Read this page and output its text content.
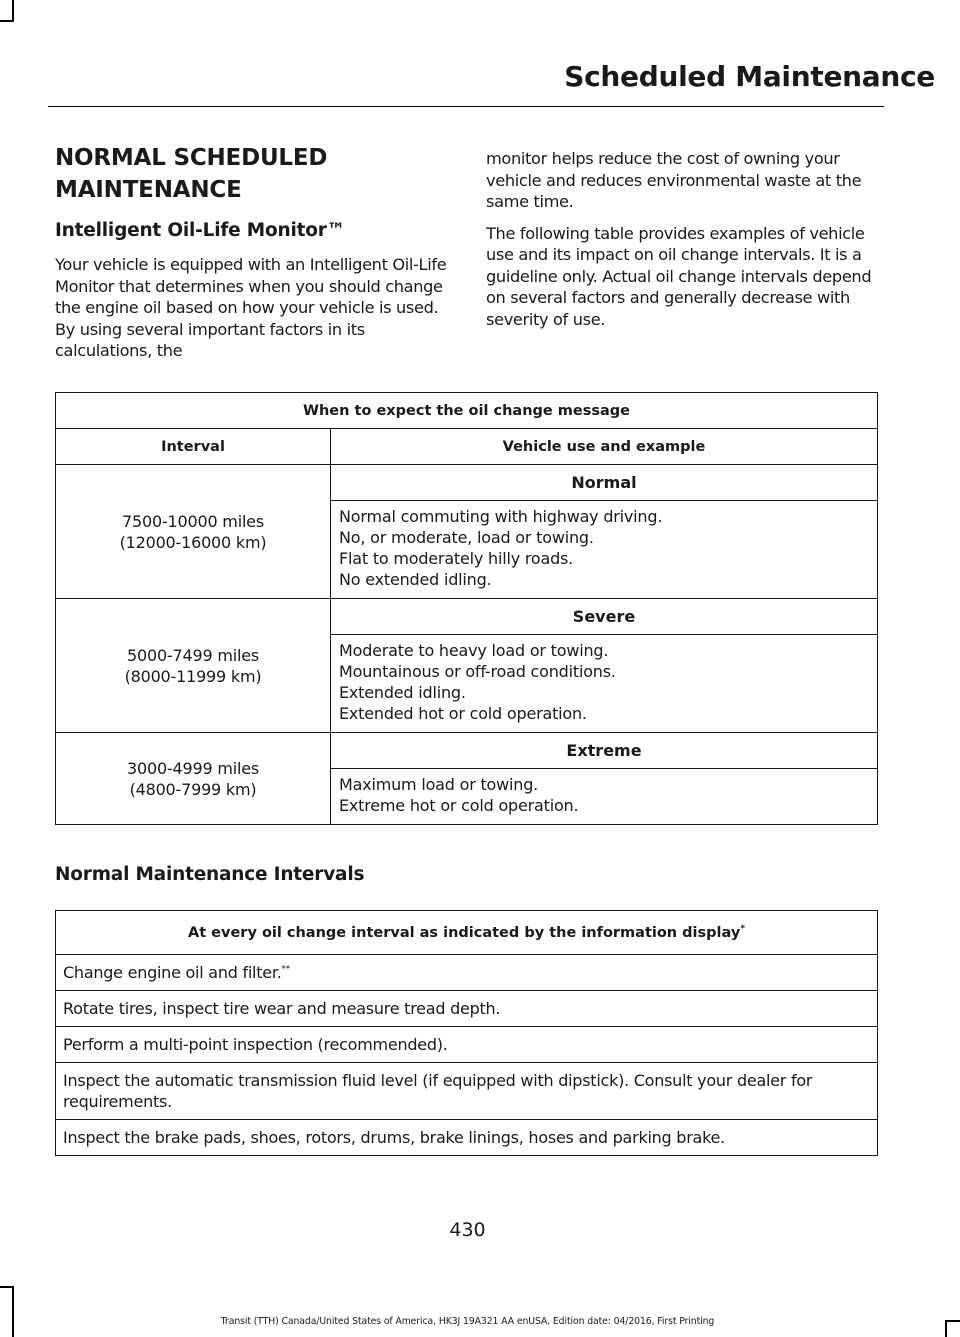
Scheduled Maintenance
NORMAL SCHEDULED
MAINTENANCE
Intelligent Oil-Life Monitor™

Your vehicle is equipped with an Intelligent Oil-Life Monitor that determines when you should change the engine oil based on how your vehicle is used. By using several important factors in its calculations, the

monitor helps reduce the cost of owning your vehicle and reduces environmental waste at the same time.

The following table provides examples of vehicle use and its impact on oil change intervals. It is a guideline only. Actual oil change intervals depend on several factors and generally decrease with severity of use.

When to expect the oil change message	
Interval	Vehicle use and example
7500-10000 miles
(12000-16000 km)	Normal
	Normal commuting with highway driving.
No, or moderate, load or towing.
Flat to moderately hilly roads.
No extended idling.
5000-7499 miles
(8000-11999 km)	Severe
	Moderate to heavy load or towing.
Mountainous or off-road conditions.
Extended idling.
Extended hot or cold operation.
3000-4999 miles
(4800-7999 km)	Extreme
	Maximum load or towing.
Extreme hot or cold operation.
Normal Maintenance Intervals
At every oil change interval as indicated by the information display*
Change engine oil and filter.**
Rotate tires, inspect tire wear and measure tread depth.
Perform a multi-point inspection (recommended).
Inspect the automatic transmission fluid level (if equipped with dipstick). Consult your dealer for requirements.
Inspect the brake pads, shoes, rotors, drums, brake linings, hoses and parking brake.
430
Transit (TTH) Canada/United States of America, HK3J 19A321 AA enUSA, Edition date: 04/2016, First Printing
